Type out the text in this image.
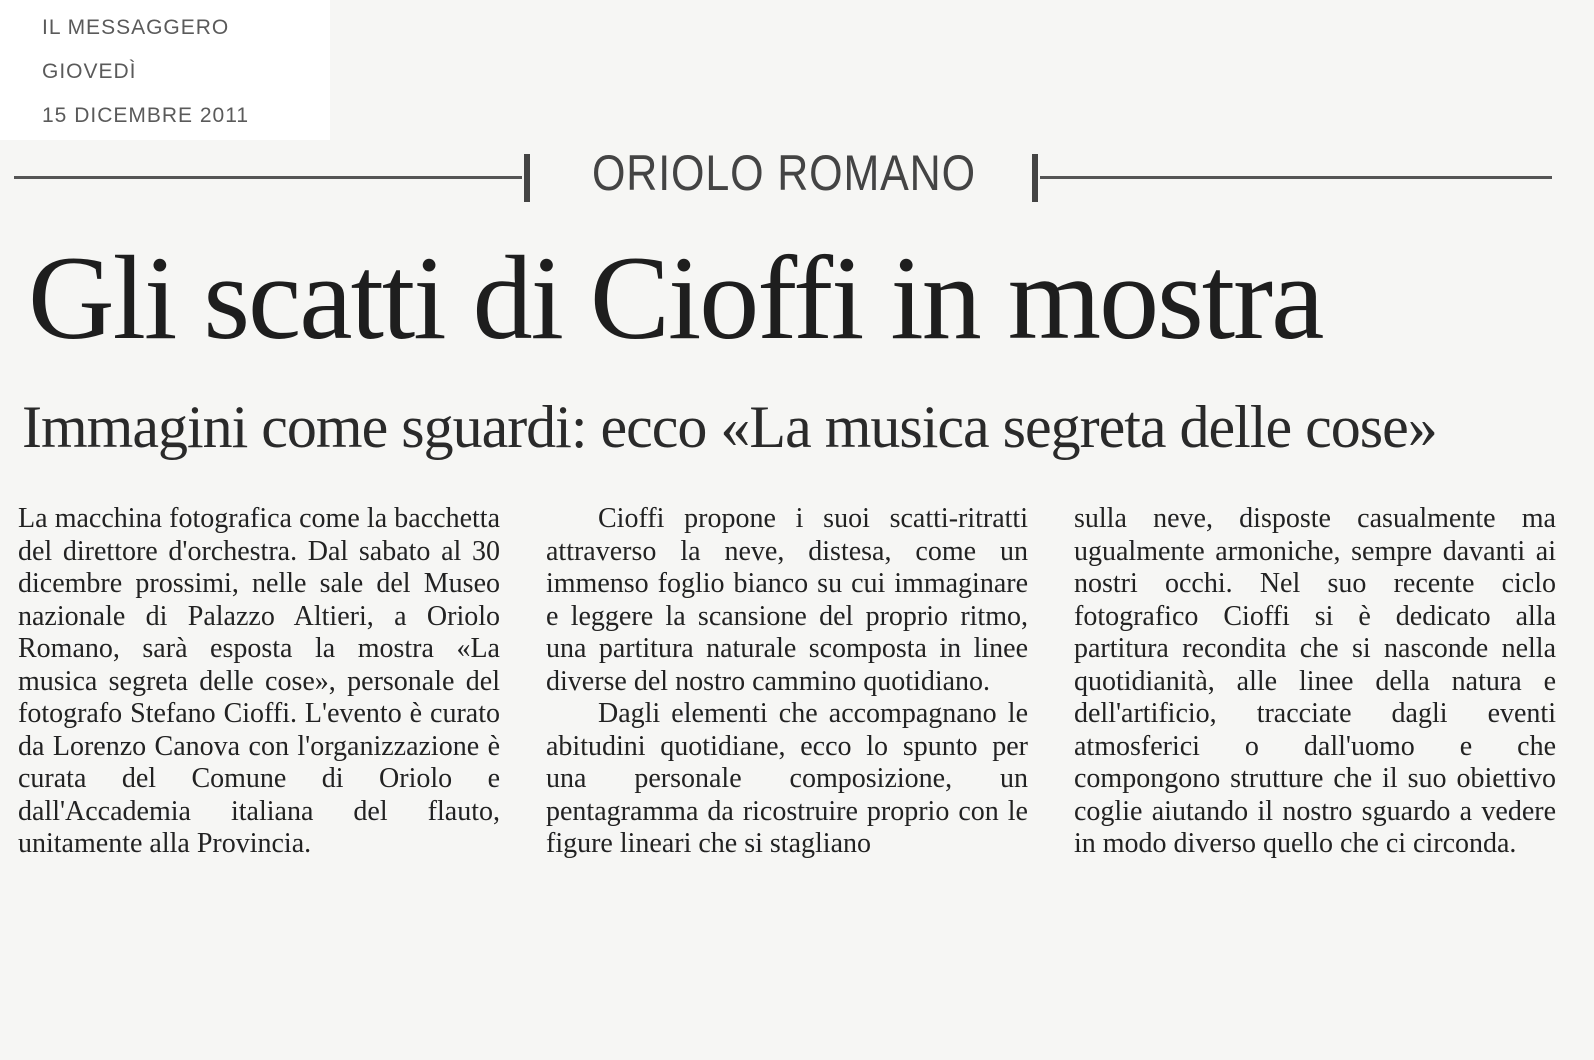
IL MESSAGGERO
GIOVEDÌ
15 DICEMBRE 2011
ORIOLO ROMANO
Gli scatti di Cioffi in mostra
Immagini come sguardi: ecco «La musica segreta delle cose»

La macchina fotografica come la bacchetta del direttore d'orchestra. Dal sabato al 30 dicembre prossimi, nelle sale del Museo nazionale di Palazzo Altieri, a Oriolo Romano, sarà esposta la mostra «La musica segreta delle cose», personale del fotografo Stefano Cioffi. L'evento è curato da Lorenzo Canova con l'organizzazione è curata del Comune di Oriolo e dall'Accademia italiana del flauto, unitamente alla Provincia.

Cioffi propone i suoi scatti-ritratti attraverso la neve, distesa, come un immenso foglio bianco su cui immaginare e leggere la scansione del proprio ritmo, una partitura naturale scomposta in linee diverse del nostro cammino quotidiano.

Dagli elementi che accompagnano le abitudini quotidiane, ecco lo spunto per una personale composizione, un pentagramma da ricostruire proprio con le figure lineari che si stagliano

sulla neve, disposte casualmente ma ugualmente armoniche, sempre davanti ai nostri occhi. Nel suo recente ciclo fotografico Cioffi si è dedicato alla partitura recondita che si nasconde nella quotidianità, alle linee della natura e dell'artificio, tracciate dagli eventi atmosferici o dall'uomo e che compongono strutture che il suo obiettivo coglie aiutando il nostro sguardo a vedere in modo diverso quello che ci circonda.
